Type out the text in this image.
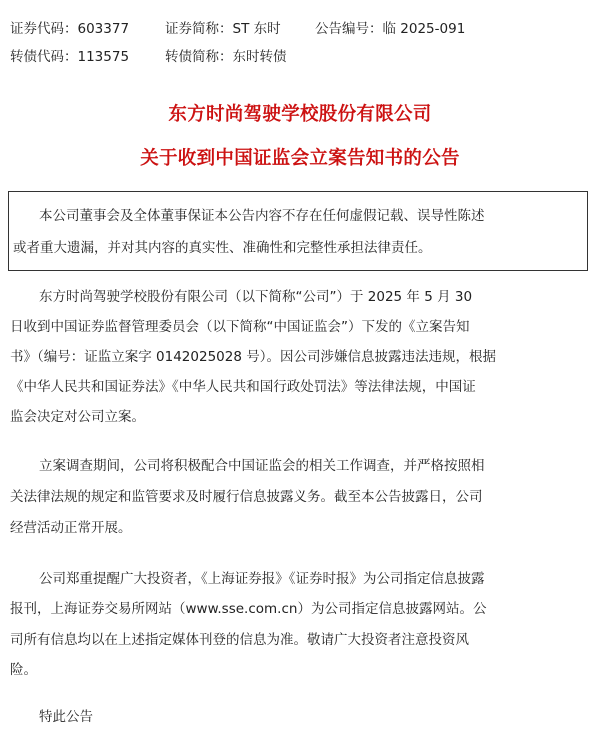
证券代码：603377	证券简称：ST 东时	公告编号：临 2025-091
转债代码：113575	转债简称：东时转债
东方时尚驾驶学校股份有限公司
关于收到中国证监会立案告知书的公告
本公司董事会及全体董事保证本公告内容不存在任何虚假记载、误导性陈述
或者重大遗漏，并对其内容的真实性、准确性和完整性承担法律责任。
东方时尚驾驶学校股份有限公司（以下简称“公司”）于 2025 年 5 月 30
日收到中国证券监督管理委员会（以下简称“中国证监会”）下发的《立案告知
书》（编号：证监立案字 0142025028 号）。因公司涉嫌信息披露违法违规，根据
《中华人民共和国证券法》《中华人民共和国行政处罚法》等法律法规，中国证
监会决定对公司立案。
立案调查期间，公司将积极配合中国证监会的相关工作调查，并严格按照相
关法律法规的规定和监管要求及时履行信息披露义务。截至本公告披露日，公司
经营活动正常开展。
公司郑重提醒广大投资者，《上海证券报》《证券时报》为公司指定信息披露
报刊，上海证券交易所网站（www.sse.com.cn）为公司指定信息披露网站。公
司所有信息均以在上述指定媒体刊登的信息为准。敬请广大投资者注意投资风
险。
特此公告
